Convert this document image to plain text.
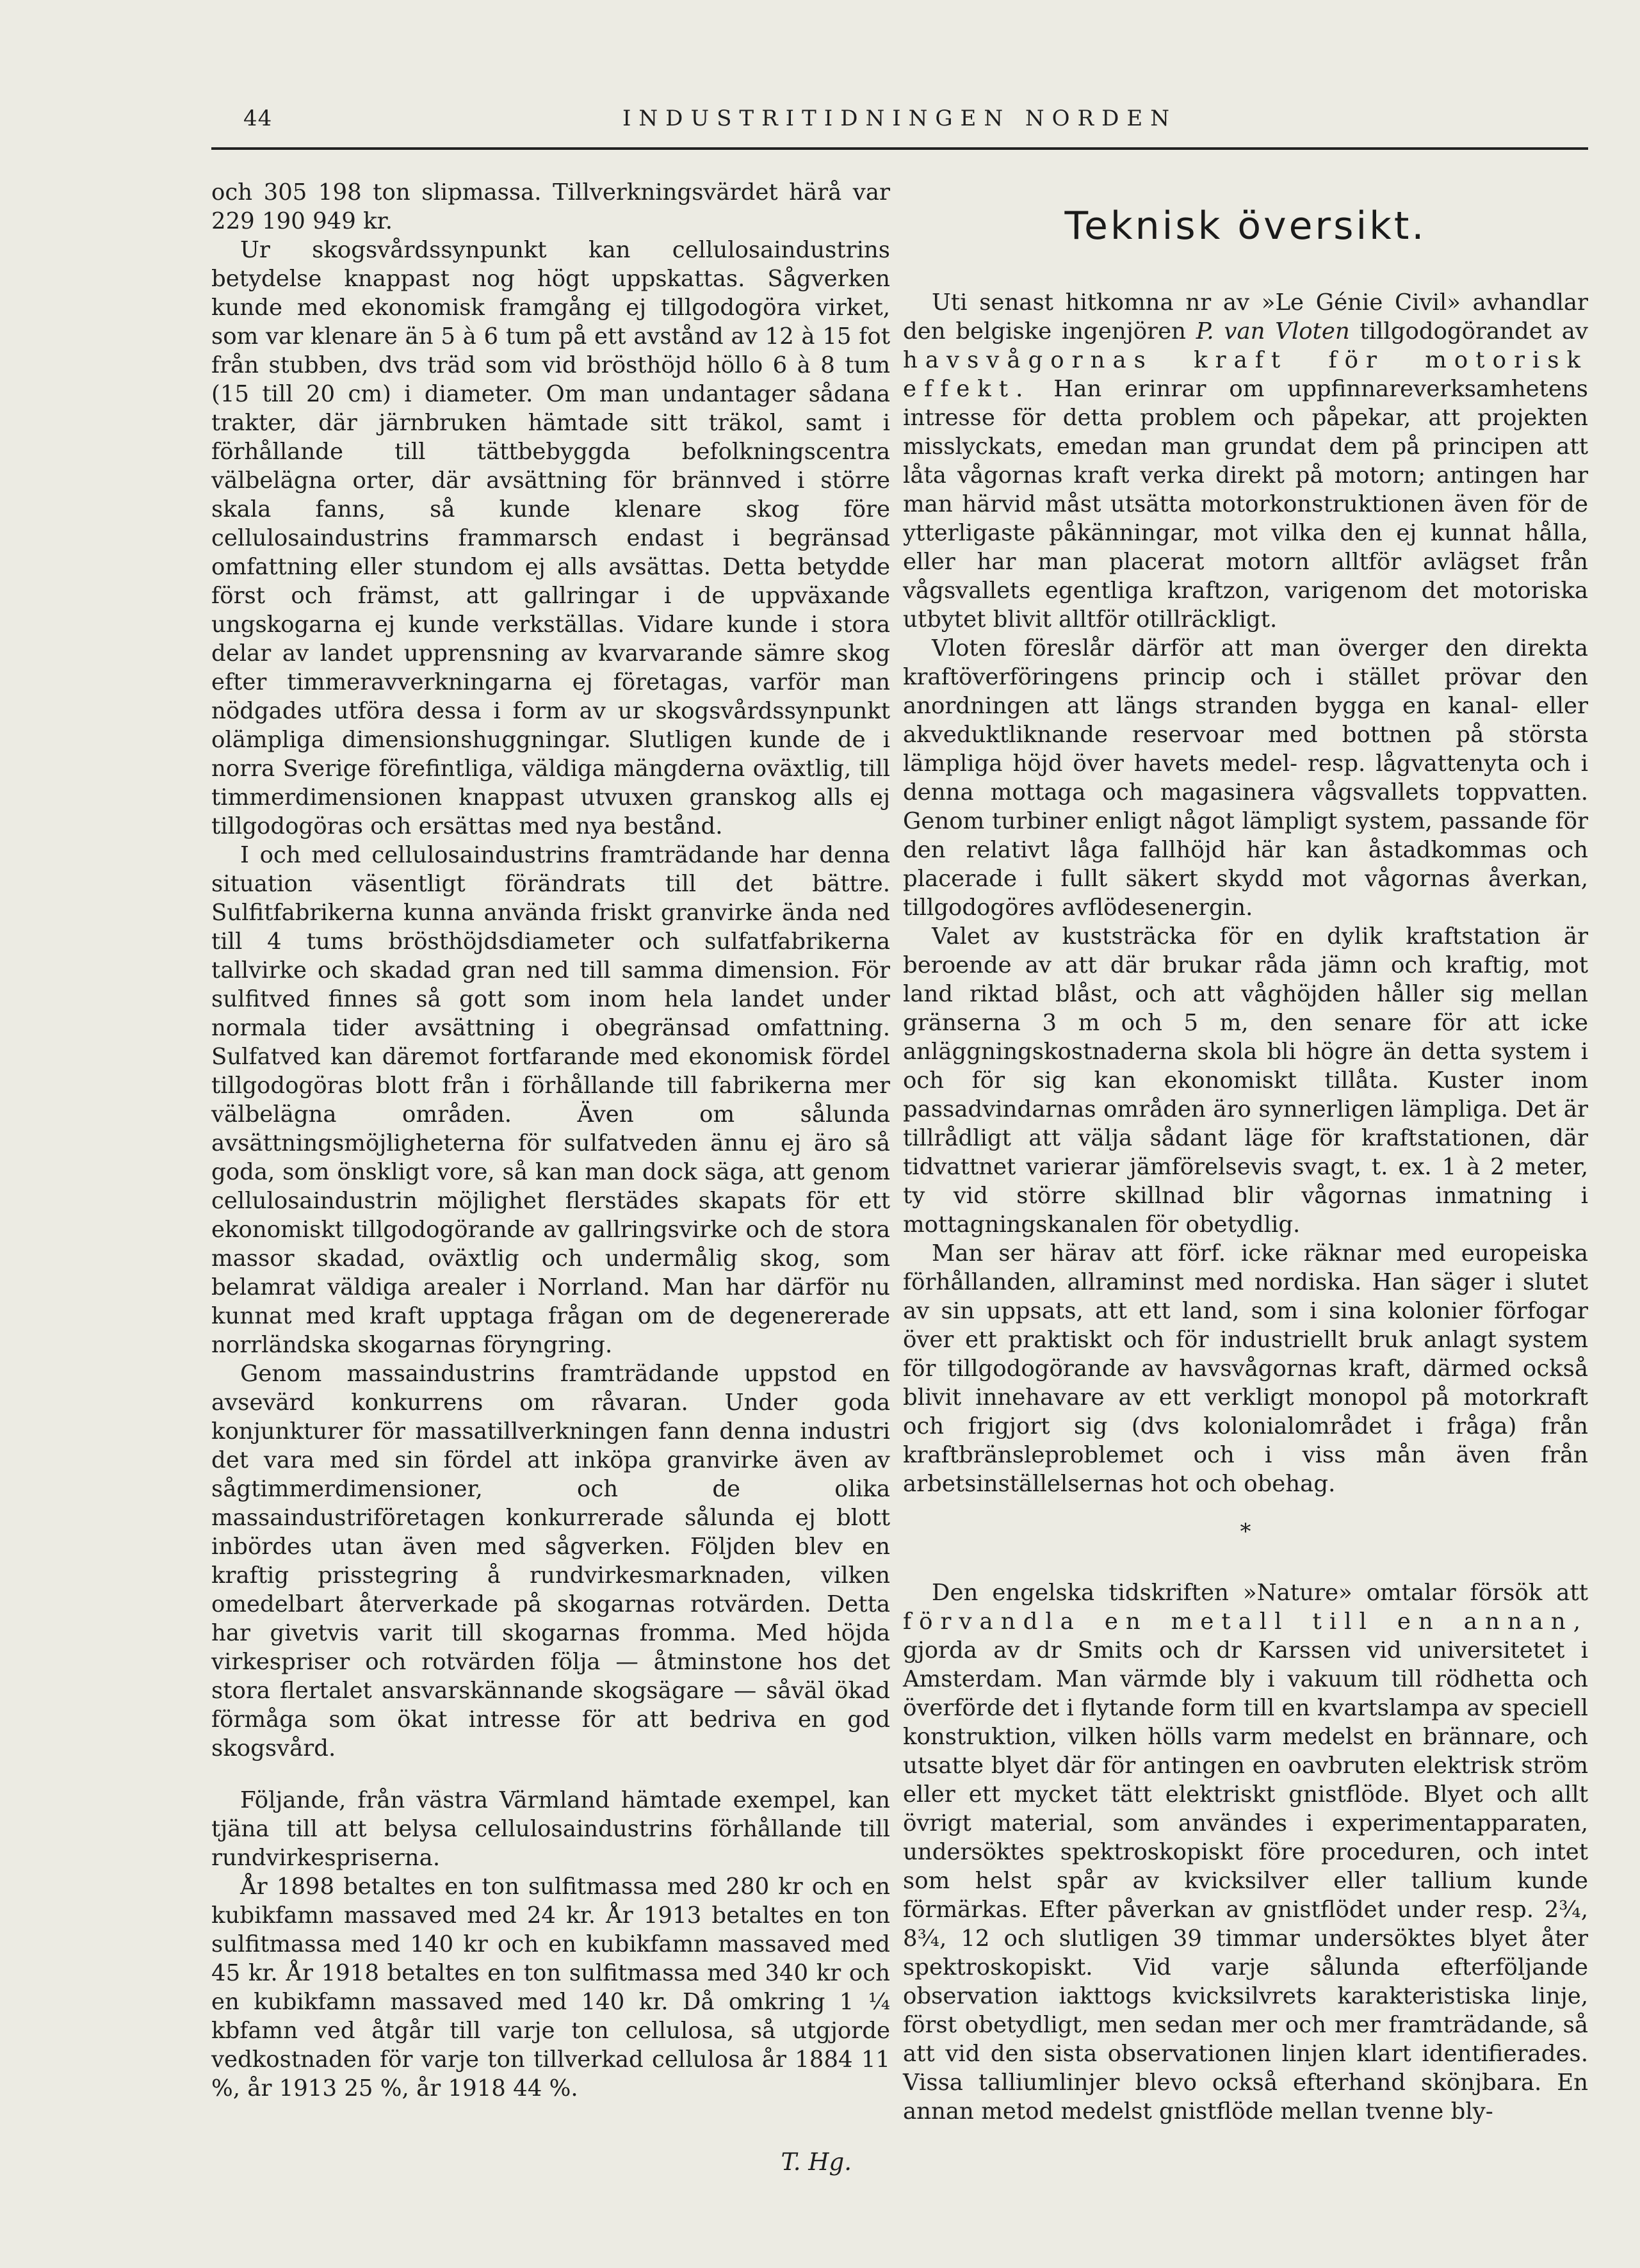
44	INDUSTRITIDNINGEN NORDEN

och 305 198 ton slipmassa. Tillverkningsvärdet härå var 229 190 949 kr.

Ur skogsvårdssynpunkt kan cellulosaindustrins betydelse knappast nog högt uppskattas. Sågverken kunde med ekonomisk framgång ej tillgodogöra virket, som var klenare än 5 à 6 tum på ett avstånd av 12 à 15 fot från stubben, dvs träd som vid brösthöjd höllo 6 à 8 tum (15 till 20 cm) i diameter. Om man undantager sådana trakter, där järnbruken hämtade sitt träkol, samt i förhållande till tättbebyggda befolkningscentra välbelägna orter, där avsättning för brännved i större skala fanns, så kunde klenare skog före cellulosaindustrins frammarsch endast i begränsad omfattning eller stundom ej alls avsättas. Detta betydde först och främst, att gallringar i de uppväxande ungskogarna ej kunde verkställas. Vidare kunde i stora delar av landet upprensning av kvarvarande sämre skog efter timmeravverkningarna ej företagas, varför man nödgades utföra dessa i form av ur skogsvårdssynpunkt olämpliga dimensionshuggningar. Slutligen kunde de i norra Sverige förefintliga, väldiga mängderna oväxtlig, till timmerdimensionen knappast utvuxen granskog alls ej tillgodogöras och ersättas med nya bestånd.

I och med cellulosaindustrins framträdande har denna situation väsentligt förändrats till det bättre. Sulfitfabrikerna kunna använda friskt granvirke ända ned till 4 tums brösthöjdsdiameter och sulfatfabrikerna tallvirke och skadad gran ned till samma dimension. För sulfitved finnes så gott som inom hela landet under normala tider avsättning i obegränsad omfattning. Sulfatved kan däremot fortfarande med ekonomisk fördel tillgodogöras blott från i förhållande till fabrikerna mer välbelägna områden. Även om sålunda avsättningsmöjligheterna för sulfatveden ännu ej äro så goda, som önskligt vore, så kan man dock säga, att genom cellulosaindustrin möjlighet flerstädes skapats för ett ekonomiskt tillgodogörande av gallringsvirke och de stora massor skadad, oväxtlig och undermålig skog, som belamrat väldiga arealer i Norrland. Man har därför nu kunnat med kraft upptaga frågan om de degenererade norrländska skogarnas föryngring.

Genom massaindustrins framträdande uppstod en avsevärd konkurrens om råvaran. Under goda konjunkturer för massatillverkningen fann denna industri det vara med sin fördel att inköpa granvirke även av sågtimmerdimensioner, och de olika massaindustriföretagen konkurrerade sålunda ej blott inbördes utan även med sågverken. Följden blev en kraftig prisstegring å rundvirkesmarknaden, vilken omedelbart återverkade på skogarnas rotvärden. Detta har givetvis varit till skogarnas fromma. Med höjda virkespriser och rotvärden följa — åtminstone hos det stora flertalet ansvarskännande skogsägare — såväl ökad förmåga som ökat intresse för att bedriva en god skogsvård.

Följande, från västra Värmland hämtade exempel, kan tjäna till att belysa cellulosaindustrins förhållande till rundvirkespriserna.

År 1898 betaltes en ton sulfitmassa med 280 kr och en kubikfamn massaved med 24 kr. År 1913 betaltes en ton sulfitmassa med 140 kr och en kubikfamn massaved med 45 kr. År 1918 betaltes en ton sulfitmassa med 340 kr och en kubikfamn massaved med 140 kr. Då omkring 1 ¼ kbfamn ved åtgår till varje ton cellulosa, så utgjorde vedkostnaden för varje ton tillverkad cellulosa år 1884 11 %, år 1913 25 %, år 1918 44 %.

T. Hg.
Teknisk översikt.

Uti senast hitkomna nr av »Le Génie Civil» avhandlar den belgiske ingenjören P. van Vloten tillgodogörandet av havsvågornas kraft för motorisk effekt. Han erinrar om uppfinnareverksamhetens intresse för detta problem och påpekar, att projekten misslyckats, emedan man grundat dem på principen att låta vågornas kraft verka direkt på motorn; antingen har man härvid måst utsätta motorkonstruktionen även för de ytterligaste påkänningar, mot vilka den ej kunnat hålla, eller har man placerat motorn alltför avlägset från vågsvallets egentliga kraftzon, varigenom det motoriska utbytet blivit alltför otillräckligt.

Vloten föreslår därför att man överger den direkta kraftöverföringens princip och i stället prövar den anordningen att längs stranden bygga en kanal- eller akveduktliknande reservoar med bottnen på största lämpliga höjd över havets medel- resp. lågvattenyta och i denna mottaga och magasinera vågsvallets toppvatten. Genom turbiner enligt något lämpligt system, passande för den relativt låga fallhöjd här kan åstadkommas och placerade i fullt säkert skydd mot vågornas åverkan, tillgodogöres avflödesenergin.

Valet av kuststräcka för en dylik kraftstation är beroende av att där brukar råda jämn och kraftig, mot land riktad blåst, och att våghöjden håller sig mellan gränserna 3 m och 5 m, den senare för att icke anläggningskostnaderna skola bli högre än detta system i och för sig kan ekonomiskt tillåta. Kuster inom passadvindarnas områden äro synnerligen lämpliga. Det är tillrådligt att välja sådant läge för kraftstationen, där tidvattnet varierar jämförelsevis svagt, t. ex. 1 à 2 meter, ty vid större skillnad blir vågornas inmatning i mottagningskanalen för obetydlig.

Man ser härav att förf. icke räknar med europeiska förhållanden, allraminst med nordiska. Han säger i slutet av sin uppsats, att ett land, som i sina kolonier förfogar över ett praktiskt och för industriellt bruk anlagt system för tillgodogörande av havsvågornas kraft, därmed också blivit innehavare av ett verkligt monopol på motorkraft och frigjort sig (dvs kolonialområdet i fråga) från kraftbränsleproblemet och i viss mån även från arbetsinställelsernas hot och obehag.

*

Den engelska tidskriften »Nature» omtalar försök att förvandla en metall till en annan, gjorda av dr Smits och dr Karssen vid universitetet i Amsterdam. Man värmde bly i vakuum till rödhetta och överförde det i flytande form till en kvartslampa av speciell konstruktion, vilken hölls varm medelst en brännare, och utsatte blyet där för antingen en oavbruten elektrisk ström eller ett mycket tätt elektriskt gnistflöde. Blyet och allt övrigt material, som användes i experimentapparaten, undersöktes spektroskopiskt före proceduren, och intet som helst spår av kvicksilver eller tallium kunde förmärkas. Efter påverkan av gnistflödet under resp. 2¾, 8¾, 12 och slutligen 39 timmar undersöktes blyet åter spektroskopiskt. Vid varje sålunda efterföljande observation iakttogs kvicksilvrets karakteristiska linje, först obetydligt, men sedan mer och mer framträdande, så att vid den sista observationen linjen klart identifierades. Vissa talliumlinjer blevo också efterhand skönjbara. En annan metod medelst gnistflöde mellan tvenne bly-
